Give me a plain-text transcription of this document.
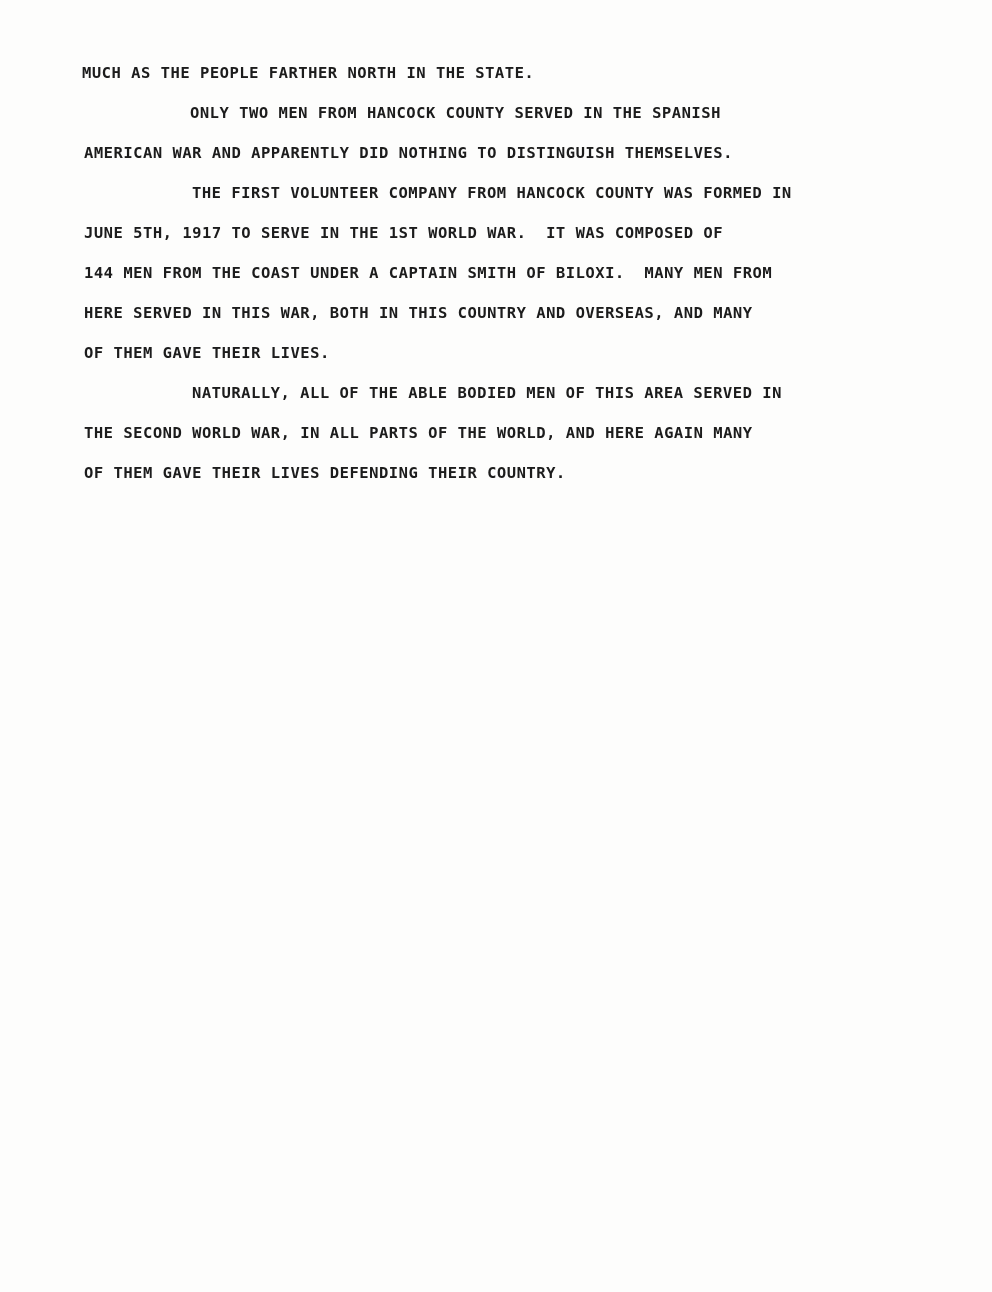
MUCH AS THE PEOPLE FARTHER NORTH IN THE STATE.

ONLY TWO MEN FROM HANCOCK COUNTY SERVED IN THE SPANISH

AMERICAN WAR AND APPARENTLY DID NOTHING TO DISTINGUISH THEMSELVES.

THE FIRST VOLUNTEER COMPANY FROM HANCOCK COUNTY WAS FORMED IN

JUNE 5TH, 1917 TO SERVE IN THE 1ST WORLD WAR.  IT WAS COMPOSED OF

144 MEN FROM THE COAST UNDER A CAPTAIN SMITH OF BILOXI.  MANY MEN FROM

HERE SERVED IN THIS WAR, BOTH IN THIS COUNTRY AND OVERSEAS, AND MANY

OF THEM GAVE THEIR LIVES.

NATURALLY, ALL OF THE ABLE BODIED MEN OF THIS AREA SERVED IN

THE SECOND WORLD WAR, IN ALL PARTS OF THE WORLD, AND HERE AGAIN MANY

OF THEM GAVE THEIR LIVES DEFENDING THEIR COUNTRY.
